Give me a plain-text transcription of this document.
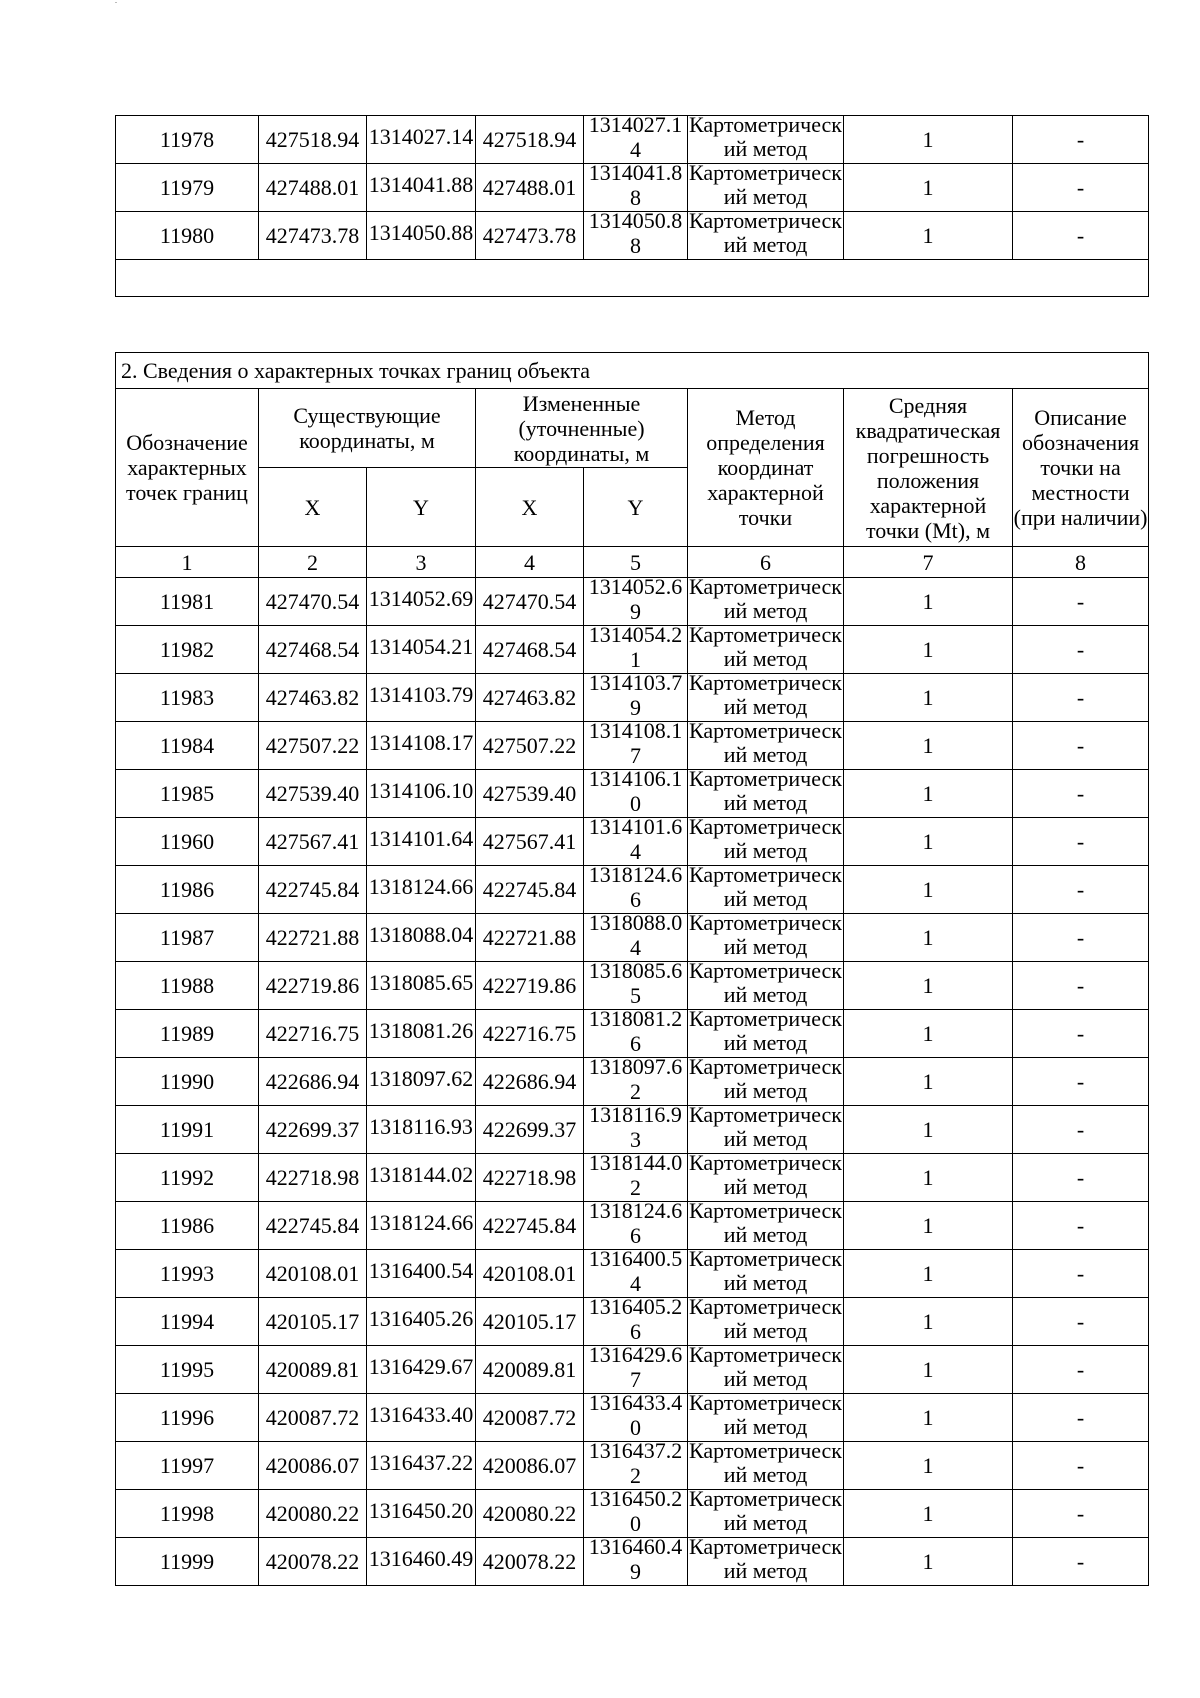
11978	427518.94	1314027.14	427518.94	1314027.14	Картометрический метод	1	-
11979	427488.01	1314041.88	427488.01	1314041.88	Картометрический метод	1	-
11980	427473.78	1314050.88	427473.78	1314050.88	Картометрический метод	1	-

2. Сведения о характерных точках границ объекта							
Обозначение характерных точек границ	Существующие координаты, м		Измененные (уточненные) координаты, м		Метод определения координат характерной точки	Средняя квадратическая погрешность положения характерной точки (Mt), м	Описание обозначения точки на местности (при наличии)
	X	Y	X	Y			
1	2	3	4	5	6	7	8
11981	427470.54	1314052.69	427470.54	1314052.69	Картометрический метод	1	-
11982	427468.54	1314054.21	427468.54	1314054.21	Картометрический метод	1	-
11983	427463.82	1314103.79	427463.82	1314103.79	Картометрический метод	1	-
11984	427507.22	1314108.17	427507.22	1314108.17	Картометрический метод	1	-
11985	427539.40	1314106.10	427539.40	1314106.10	Картометрический метод	1	-
11960	427567.41	1314101.64	427567.41	1314101.64	Картометрический метод	1	-
11986	422745.84	1318124.66	422745.84	1318124.66	Картометрический метод	1	-
11987	422721.88	1318088.04	422721.88	1318088.04	Картометрический метод	1	-
11988	422719.86	1318085.65	422719.86	1318085.65	Картометрический метод	1	-
11989	422716.75	1318081.26	422716.75	1318081.26	Картометрический метод	1	-
11990	422686.94	1318097.62	422686.94	1318097.62	Картометрический метод	1	-
11991	422699.37	1318116.93	422699.37	1318116.93	Картометрический метод	1	-
11992	422718.98	1318144.02	422718.98	1318144.02	Картометрический метод	1	-
11986	422745.84	1318124.66	422745.84	1318124.66	Картометрический метод	1	-
11993	420108.01	1316400.54	420108.01	1316400.54	Картометрический метод	1	-
11994	420105.17	1316405.26	420105.17	1316405.26	Картометрический метод	1	-
11995	420089.81	1316429.67	420089.81	1316429.67	Картометрический метод	1	-
11996	420087.72	1316433.40	420087.72	1316433.40	Картометрический метод	1	-
11997	420086.07	1316437.22	420086.07	1316437.22	Картометрический метод	1	-
11998	420080.22	1316450.20	420080.22	1316450.20	Картометрический метод	1	-
11999	420078.22	1316460.49	420078.22	1316460.49	Картометрический метод	1	-
